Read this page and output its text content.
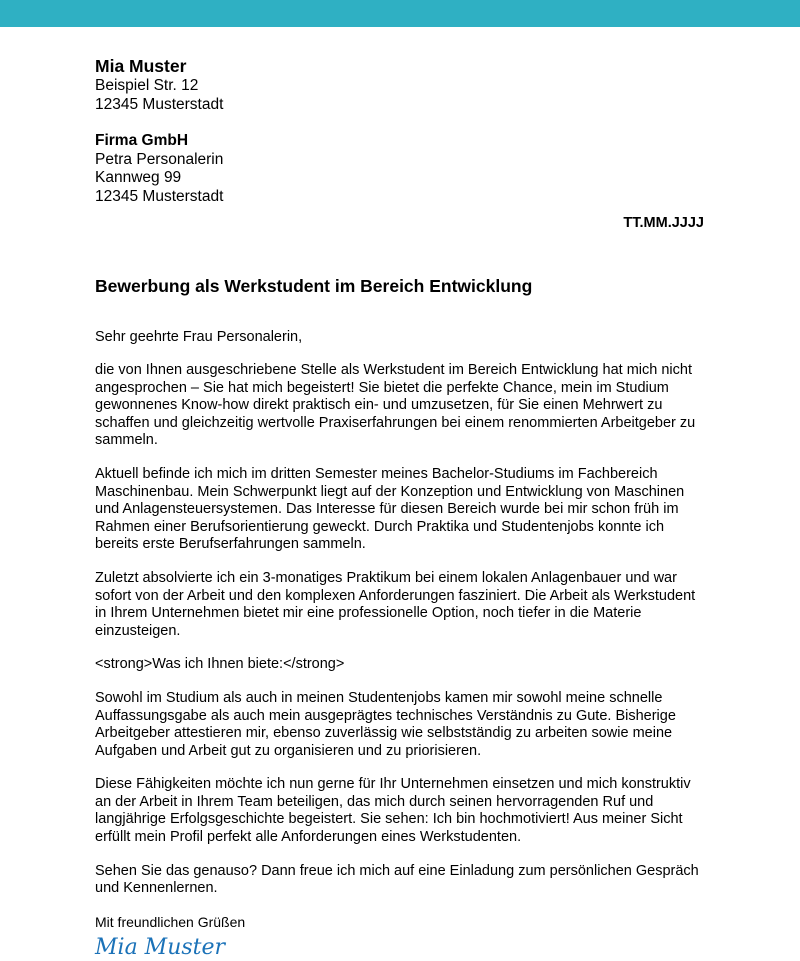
Mia Muster
Beispiel Str. 12
12345 Musterstadt
Firma GmbH
Petra Personalerin
Kannweg 99
12345 Musterstadt
TT.MM.JJJJ
Bewerbung als Werkstudent im Bereich Entwicklung
Sehr geehrte Frau Personalerin,
die von Ihnen ausgeschriebene Stelle als Werkstudent im Bereich Entwicklung hat mich nicht angesprochen – Sie hat mich begeistert! Sie bietet die perfekte Chance, mein im Studium gewonnenes Know-how direkt praktisch ein- und umzusetzen, für Sie einen Mehrwert zu schaffen und gleichzeitig wertvolle Praxiserfahrungen bei einem renommierten Arbeitgeber zu sammeln.
Aktuell befinde ich mich im dritten Semester meines Bachelor-Studiums im Fachbereich Maschinenbau. Mein Schwerpunkt liegt auf der Konzeption und Entwicklung von Maschinen und Anlagensteuersystemen. Das Interesse für diesen Bereich wurde bei mir schon früh im Rahmen einer Berufsorientierung geweckt. Durch Praktika und Studentenjobs konnte ich bereits erste Berufserfahrungen sammeln.
Zuletzt absolvierte ich ein 3-monatiges Praktikum bei einem lokalen Anlagenbauer und war sofort von der Arbeit und den komplexen Anforderungen fasziniert. Die Arbeit als Werkstudent in Ihrem Unternehmen bietet mir eine professionelle Option, noch tiefer in die Materie einzusteigen.
<strong>Was ich Ihnen biete:</strong>
Sowohl im Studium als auch in meinen Studentenjobs kamen mir sowohl meine schnelle Auffassungsgabe als auch mein ausgeprägtes technisches Verständnis zu Gute. Bisherige Arbeitgeber attestieren mir, ebenso zuverlässig wie selbstständig zu arbeiten sowie meine Aufgaben und Arbeit gut zu organisieren und zu priorisieren.
Diese Fähigkeiten möchte ich nun gerne für Ihr Unternehmen einsetzen und mich konstruktiv an der Arbeit in Ihrem Team beteiligen, das mich durch seinen hervorragenden Ruf und langjährige Erfolgsgeschichte begeistert. Sie sehen: Ich bin hochmotiviert! Aus meiner Sicht erfüllt mein Profil perfekt alle Anforderungen eines Werkstudenten.
Sehen Sie das genauso? Dann freue ich mich auf eine Einladung zum persönlichen Gespräch und Kennenlernen.
Mit freundlichen Grüßen
Mia Muster
